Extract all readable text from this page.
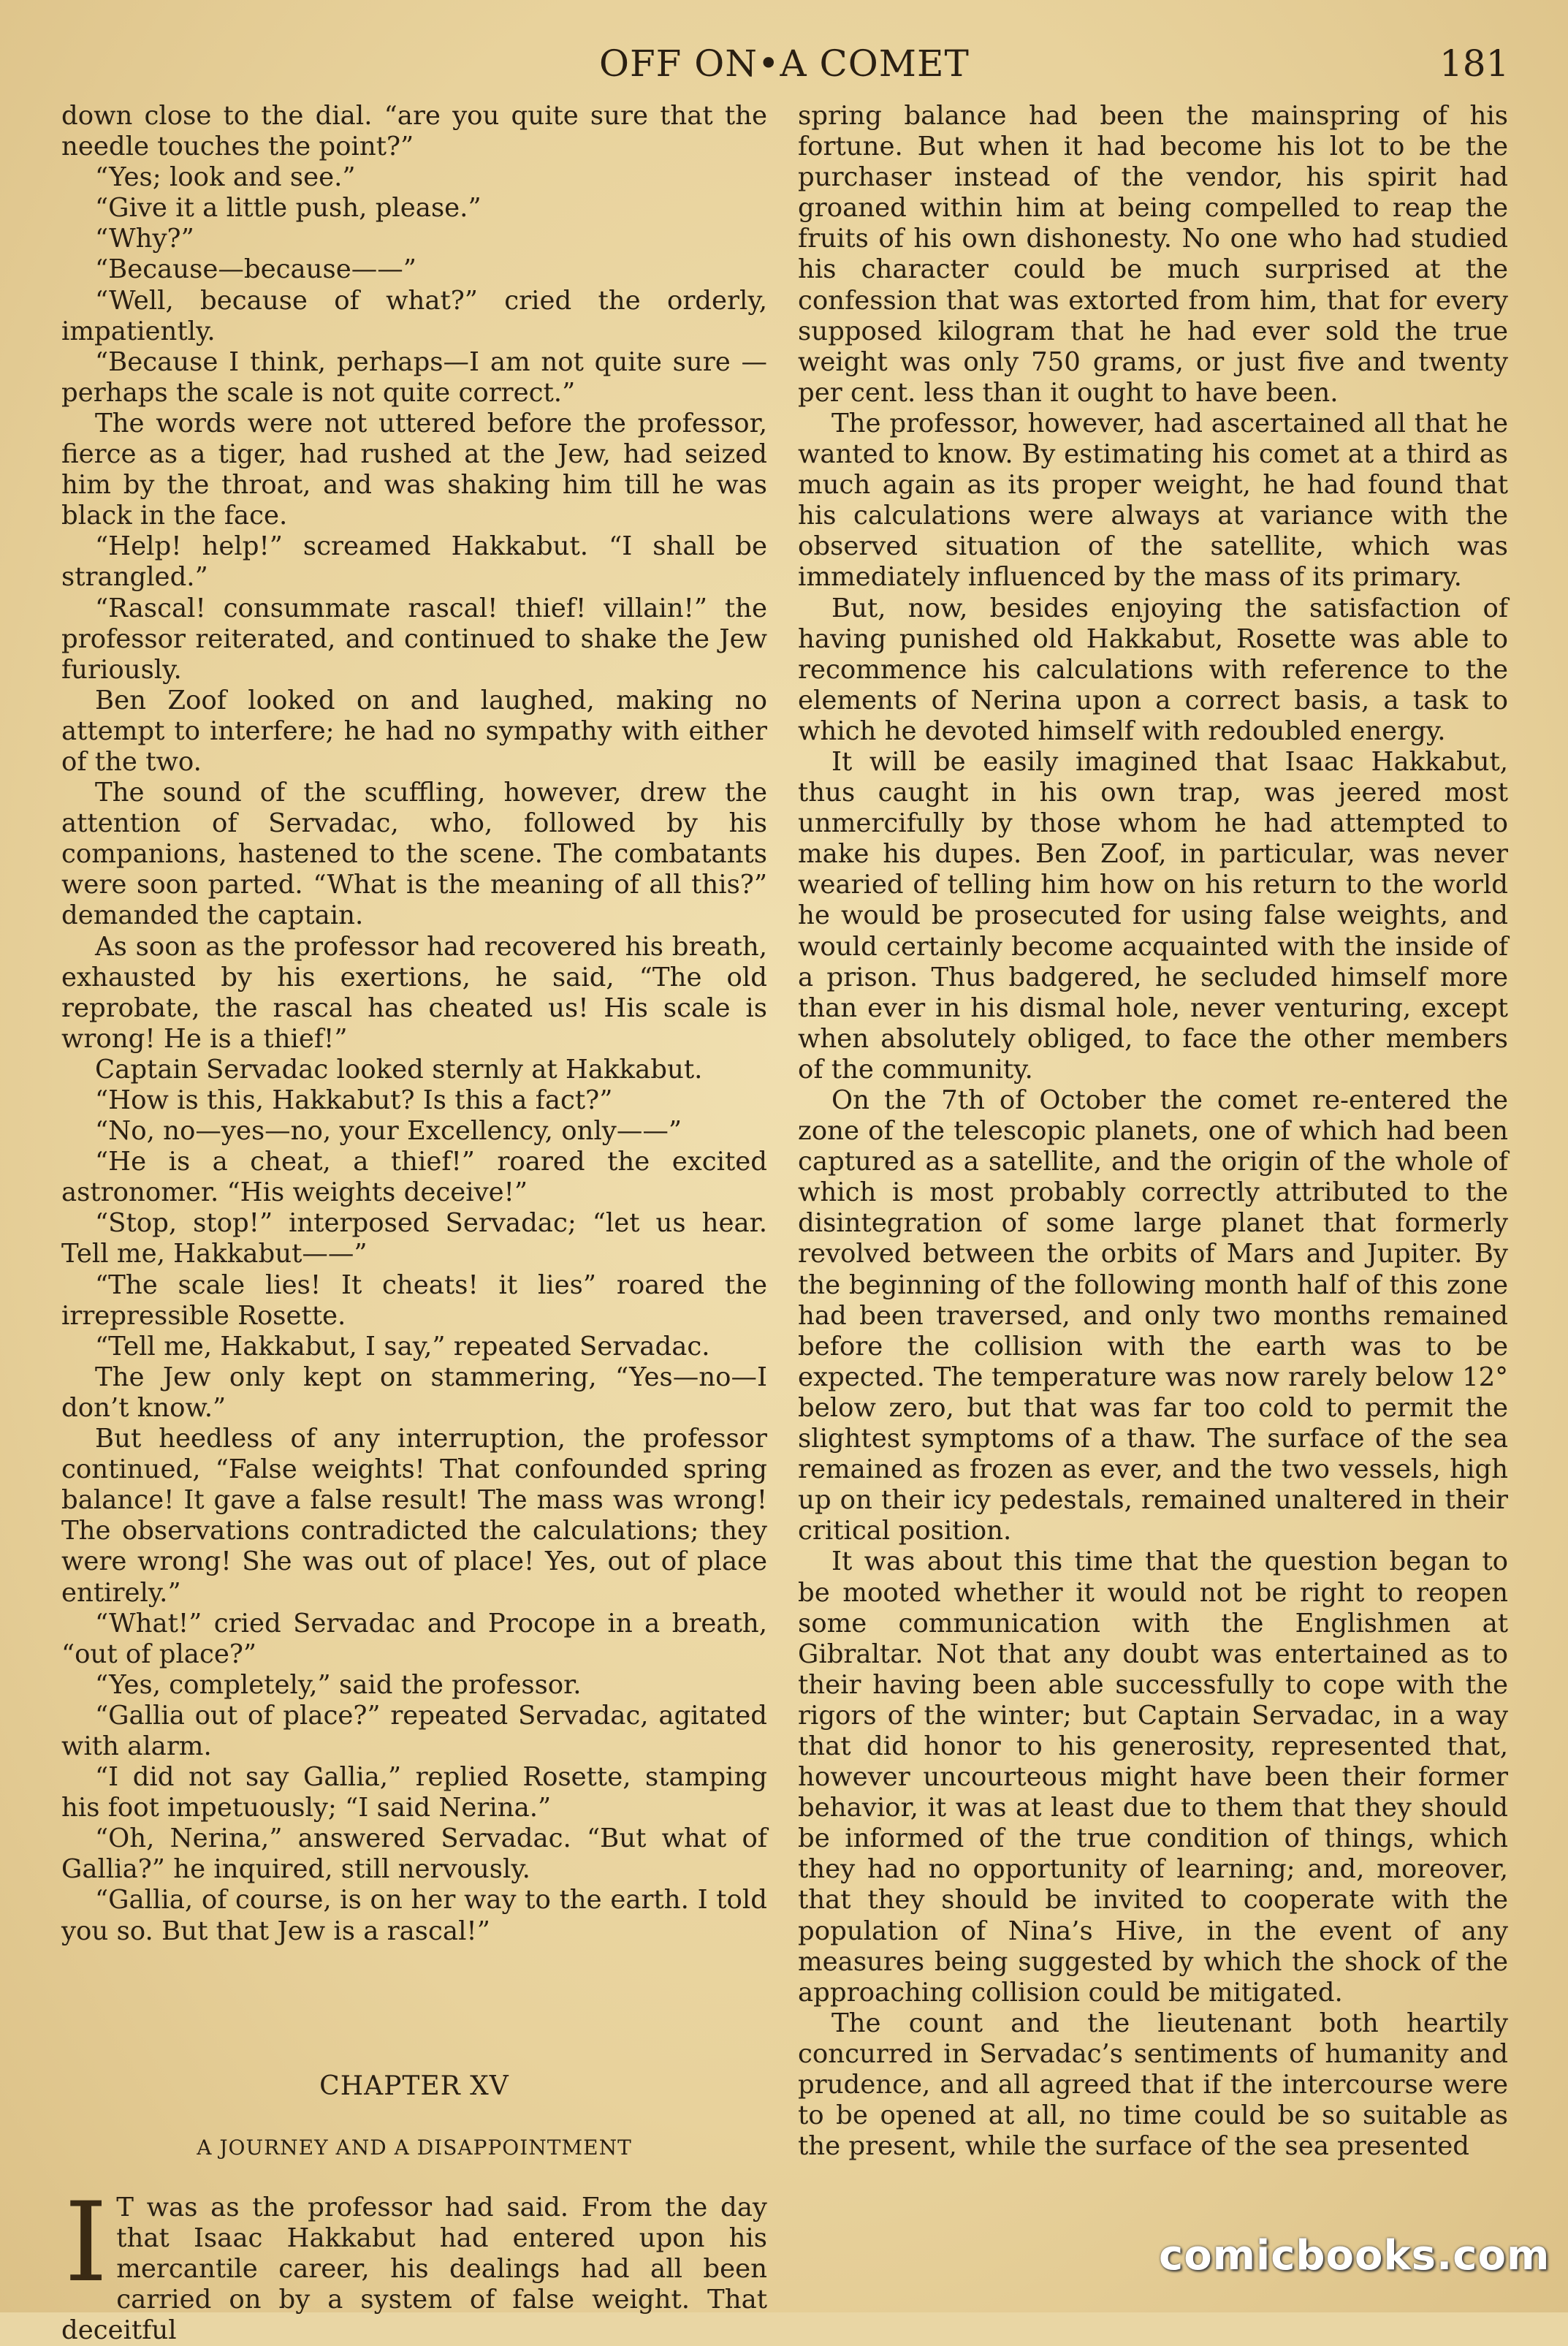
OFF ON•A COMET	181

down close to the dial. “are you quite sure that the needle touches the point?”

“Yes; look and see.”

“Give it a little push, please.”

“Why?”

“Because—because——”

“Well, because of what?” cried the orderly, impatiently.

“Because I think, perhaps—I am not quite sure —perhaps the scale is not quite correct.”

The words were not uttered before the professor, fierce as a tiger, had rushed at the Jew, had seized him by the throat, and was shaking him till he was black in the face.

“Help! help!” screamed Hakkabut. “I shall be strangled.”

“Rascal! consummate rascal! thief! villain!” the professor reiterated, and continued to shake the Jew furiously.

Ben Zoof looked on and laughed, making no attempt to interfere; he had no sympathy with either of the two.

The sound of the scuffling, however, drew the attention of Servadac, who, followed by his companions, hastened to the scene. The combatants were soon parted. “What is the meaning of all this?” demanded the captain.

As soon as the professor had recovered his breath, exhausted by his exertions, he said, “The old reprobate, the rascal has cheated us! His scale is wrong! He is a thief!”

Captain Servadac looked sternly at Hakkabut.

“How is this, Hakkabut? Is this a fact?”

“No, no—yes—no, your Excellency, only——”

“He is a cheat, a thief!” roared the excited astronomer. “His weights deceive!”

“Stop, stop!” interposed Servadac; “let us hear. Tell me, Hakkabut——”

“The scale lies! It cheats! it lies” roared the irrepressible Rosette.

“Tell me, Hakkabut, I say,” repeated Servadac.

The Jew only kept on stammering, “Yes—no—I don’t know.”

But heedless of any interruption, the professor continued, “False weights! That confounded spring balance! It gave a false result! The mass was wrong! The observations contradicted the calculations; they were wrong! She was out of place! Yes, out of place entirely.”

“What!” cried Servadac and Procope in a breath, “out of place?”

“Yes, completely,” said the professor.

“Gallia out of place?” repeated Servadac, agitated with alarm.

“I did not say Gallia,” replied Rosette, stamping his foot impetuously; “I said Nerina.”

“Oh, Nerina,” answered Servadac. “But what of Gallia?” he inquired, still nervously.

“Gallia, of course, is on her way to the earth. I told you so. But that Jew is a rascal!”

CHAPTER XV

A JOURNEY AND A DISAPPOINTMENT

I T was as the professor had said. From the day that Isaac Hakkabut had entered upon his mercantile career, his dealings had all been carried on by a system of false weight. That deceitful

spring balance had been the mainspring of his fortune. But when it had become his lot to be the purchaser instead of the vendor, his spirit had groaned within him at being compelled to reap the fruits of his own dishonesty. No one who had studied his character could be much surprised at the confession that was extorted from him, that for every supposed kilogram that he had ever sold the true weight was only 750 grams, or just five and twenty per cent. less than it ought to have been.

The professor, however, had ascertained all that he wanted to know. By estimating his comet at a third as much again as its proper weight, he had found that his calculations were always at variance with the observed situation of the satellite, which was immediately influenced by the mass of its primary.

But, now, besides enjoying the satisfaction of having punished old Hakkabut, Rosette was able to recommence his calculations with reference to the elements of Nerina upon a correct basis, a task to which he devoted himself with redoubled energy.

It will be easily imagined that Isaac Hakkabut, thus caught in his own trap, was jeered most unmercifully by those whom he had attempted to make his dupes. Ben Zoof, in particular, was never wearied of telling him how on his return to the world he would be prosecuted for using false weights, and would certainly become acquainted with the inside of a prison. Thus badgered, he secluded himself more than ever in his dismal hole, never venturing, except when absolutely obliged, to face the other members of the community.

On the 7th of October the comet re-entered the zone of the telescopic planets, one of which had been captured as a satellite, and the origin of the whole of which is most probably correctly attributed to the disintegration of some large planet that formerly revolved between the orbits of Mars and Jupiter. By the beginning of the following month half of this zone had been traversed, and only two months remained before the collision with the earth was to be expected. The temperature was now rarely below 12° below zero, but that was far too cold to permit the slightest symptoms of a thaw. The surface of the sea remained as frozen as ever, and the two vessels, high up on their icy pedestals, remained unaltered in their critical position.

It was about this time that the question began to be mooted whether it would not be right to reopen some communication with the Englishmen at Gibraltar. Not that any doubt was entertained as to their having been able successfully to cope with the rigors of the winter; but Captain Servadac, in a way that did honor to his generosity, represented that, however uncourteous might have been their former behavior, it was at least due to them that they should be informed of the true condition of things, which they had no opportunity of learning; and, moreover, that they should be invited to cooperate with the population of Nina’s Hive, in the event of any measures being suggested by which the shock of the approaching collision could be mitigated.

The count and the lieutenant both heartily concurred in Servadac’s sentiments of humanity and prudence, and all agreed that if the intercourse were to be opened at all, no time could be so suitable as the present, while the surface of the sea presented

comicbooks.com
